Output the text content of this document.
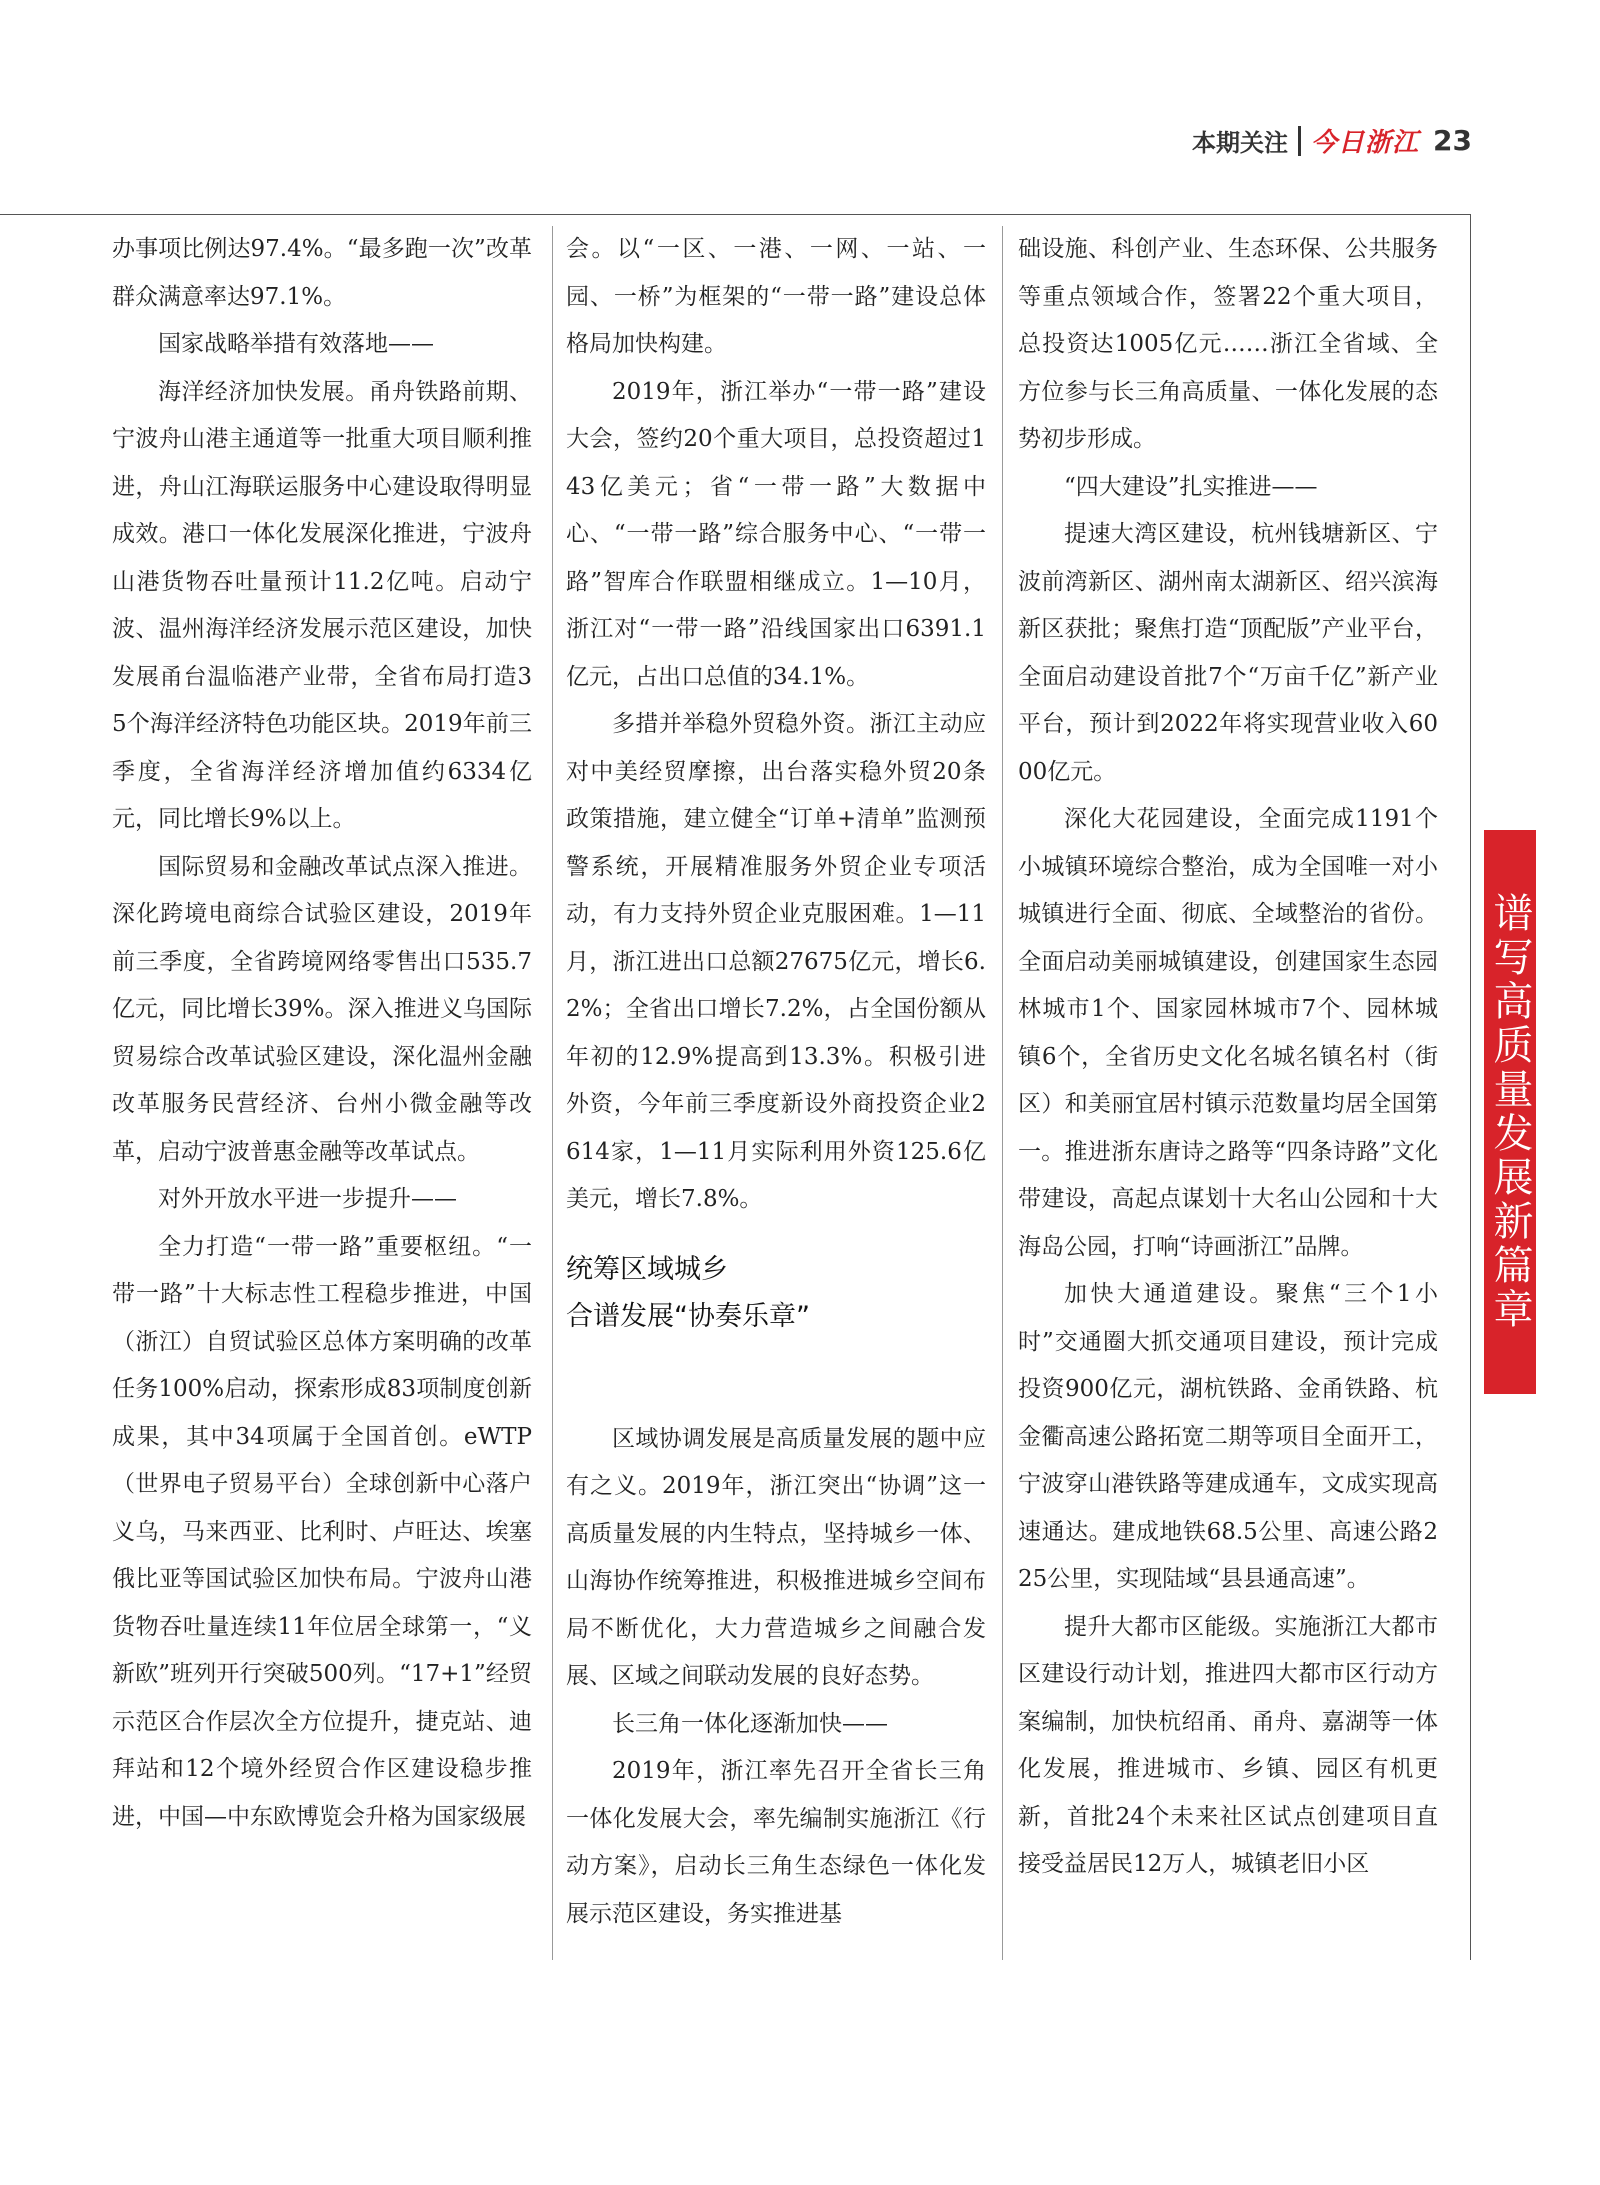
本期关注 今日浙江 23

办事项比例达97.4%。“最多跑一次”改革群众满意率达97.1%。

国家战略举措有效落地——

海洋经济加快发展。甬舟铁路前期、宁波舟山港主通道等一批重大项目顺利推进，舟山江海联运服务中心建设取得明显成效。港口一体化发展深化推进，宁波舟山港货物吞吐量预计11.2亿吨。启动宁波、温州海洋经济发展示范区建设，加快发展甬台温临港产业带，全省布局打造35个海洋经济特色功能区块。2019年前三季度，全省海洋经济增加值约6334亿元，同比增长9%以上。

国际贸易和金融改革试点深入推进。深化跨境电商综合试验区建设，2019年前三季度，全省跨境网络零售出口535.7亿元，同比增长39%。深入推进义乌国际贸易综合改革试验区建设，深化温州金融改革服务民营经济、台州小微金融等改革，启动宁波普惠金融等改革试点。

对外开放水平进一步提升——

全力打造“一带一路”重要枢纽。“一带一路”十大标志性工程稳步推进，中国（浙江）自贸试验区总体方案明确的改革任务100%启动，探索形成83项制度创新成果，其中34项属于全国首创。eWTP（世界电子贸易平台）全球创新中心落户义乌，马来西亚、比利时、卢旺达、埃塞俄比亚等国试验区加快布局。宁波舟山港货物吞吐量连续11年位居全球第一，“义新欧”班列开行突破500列。“17+1”经贸示范区合作层次全方位提升，捷克站、迪拜站和12个境外经贸合作区建设稳步推进，中国—中东欧博览会升格为国家级展

会。以“一区、一港、一网、一站、一园、一桥”为框架的“一带一路”建设总体格局加快构建。

2019年，浙江举办“一带一路”建设大会，签约20个重大项目，总投资超过143亿美元；省“一带一路”大数据中心、“一带一路”综合服务中心、“一带一路”智库合作联盟相继成立。1—10月，浙江对“一带一路”沿线国家出口6391.1亿元，占出口总值的34.1%。

多措并举稳外贸稳外资。浙江主动应对中美经贸摩擦，出台落实稳外贸20条政策措施，建立健全“订单+清单”监测预警系统，开展精准服务外贸企业专项活动，有力支持外贸企业克服困难。1—11月，浙江进出口总额27675亿元，增长6.2%；全省出口增长7.2%，占全国份额从年初的12.9%提高到13.3%。积极引进外资，今年前三季度新设外商投资企业2614家，1—11月实际利用外资125.6亿美元，增长7.8%。

统筹区域城乡
合谱发展“协奏乐章”

区域协调发展是高质量发展的题中应有之义。2019年，浙江突出“协调”这一高质量发展的内生特点，坚持城乡一体、山海协作统筹推进，积极推进城乡空间布局不断优化，大力营造城乡之间融合发展、区域之间联动发展的良好态势。

长三角一体化逐渐加快——

2019年，浙江率先召开全省长三角一体化发展大会，率先编制实施浙江《行动方案》，启动长三角生态绿色一体化发展示范区建设，务实推进基

础设施、科创产业、生态环保、公共服务等重点领域合作，签署22个重大项目，总投资达1005亿元……浙江全省域、全方位参与长三角高质量、一体化发展的态势初步形成。

“四大建设”扎实推进——

提速大湾区建设，杭州钱塘新区、宁波前湾新区、湖州南太湖新区、绍兴滨海新区获批；聚焦打造“顶配版”产业平台，全面启动建设首批7个“万亩千亿”新产业平台，预计到2022年将实现营业收入6000亿元。

深化大花园建设，全面完成1191个小城镇环境综合整治，成为全国唯一对小城镇进行全面、彻底、全域整治的省份。全面启动美丽城镇建设，创建国家生态园林城市1个、国家园林城市7个、园林城镇6个，全省历史文化名城名镇名村（街区）和美丽宜居村镇示范数量均居全国第一。推进浙东唐诗之路等“四条诗路”文化带建设，高起点谋划十大名山公园和十大海岛公园，打响“诗画浙江”品牌。

加快大通道建设。聚焦“三个1小时”交通圈大抓交通项目建设，预计完成投资900亿元，湖杭铁路、金甬铁路、杭金衢高速公路拓宽二期等项目全面开工，宁波穿山港铁路等建成通车，文成实现高速通达。建成地铁68.5公里、高速公路225公里，实现陆域“县县通高速”。

提升大都市区能级。实施浙江大都市区建设行动计划，推进四大都市区行动方案编制，加快杭绍甬、甬舟、嘉湖等一体化发展，推进城市、乡镇、园区有机更新，首批24个未来社区试点创建项目直接受益居民12万人，城镇老旧小区

谱写高质量发展新篇章
